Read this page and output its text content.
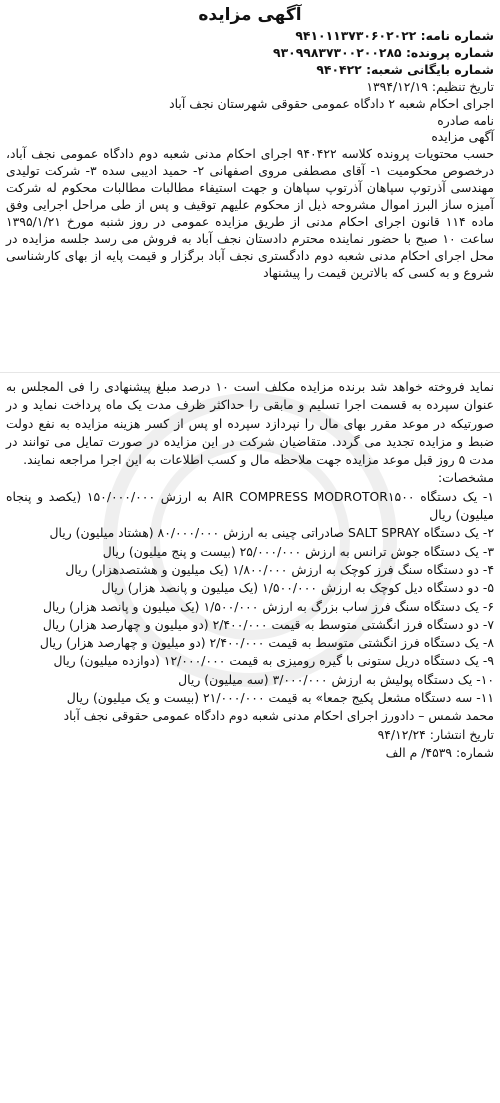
آگهی مزایده
شماره نامه: ۹۴۱۰۱۱۳۷۳۰۶۰۲۰۲۲
شماره پرونده: ۹۳۰۹۹۸۳۷۳۰۰۲۰۰۲۸۵
شماره بایگانی شعبه: ۹۴۰۴۲۲
تاریخ تنظیم: ۱۳۹۴/۱۲/۱۹
اجرای احکام شعبه ۲ دادگاه عمومی حقوقی شهرستان نجف آباد
نامه صادره
آگهی مزایده
حسب محتویات پرونده کلاسه ۹۴۰۴۲۲ اجرای احکام مدنی شعبه دوم دادگاه عمومی نجف آباد، درخصوص محکومیت ۱- آقای مصطفی مروی اصفهانی ۲- حمید ادیبی سده ۳- شرکت تولیدی مهندسی آذرتوپ سپاهان آذرتوپ سپاهان و جهت استیفاء مطالبات مطالبات محکوم له شرکت آمیزه ساز البرز اموال مشروحه ذیل از محکوم علیهم توقیف و پس از طی مراحل اجرایی وفق ماده ۱۱۴ قانون اجرای احکام مدنی از طریق مزایده عمومی در روز شنبه مورخ ۱۳۹۵/۱/۲۱ ساعت ۱۰ صبح با حضور نماینده محترم دادستان نجف آباد به فروش می رسد جلسه مزایده در محل اجرای احکام مدنی شعبه دوم دادگستری نجف آباد برگزار و قیمت پایه از بهای کارشناسی شروع و به کسی که بالاترین قیمت را پیشنهاد
نماید فروخته خواهد شد برنده مزایده مکلف است ۱۰ درصد مبلغ پیشنهادی را فی المجلس به عنوان سپرده به قسمت اجرا تسلیم و مابقی را حداکثر ظرف مدت یک ماه پرداخت نماید و در صورتیکه در موعد مقرر بهای مال را نپردازد سپرده او پس از کسر هزینه مزایده به نفع دولت ضبط و مزایده تجدید می گردد. متقاضیان شرکت در این مزایده در صورت تمایل می توانند در مدت ۵ روز قبل موعد مزایده جهت ملاحظه مال و کسب اطلاعات به این اجرا مراجعه نمایند.
مشخصات:

۱- یک دستگاه AIR COMPRESS MODROTOR۱۵۰۰ به ارزش ۱۵۰/۰۰۰/۰۰۰ (یکصد و پنجاه میلیون) ریال

۲- یک دستگاه SALT SPRAY صادراتی چینی به ارزش ۸۰/۰۰۰/۰۰۰ (هشتاد میلیون) ریال

۳- یک دستگاه جوش ترانس به ارزش ۲۵/۰۰۰/۰۰۰ (بیست و پنج میلیون) ریال

۴- دو دستگاه سنگ فرز کوچک به ارزش ۱/۸۰۰/۰۰۰ (یک میلیون و هشتصدهزار) ریال

۵- دو دستگاه دیل کوچک به ارزش ۱/۵۰۰/۰۰۰ (یک میلیون و پانصد هزار) ریال

۶- یک دستگاه سنگ فرز ساب بزرگ به ارزش ۱/۵۰۰/۰۰۰ (یک میلیون و پانصد هزار) ریال

۷- دو دستگاه فرز انگشتی متوسط به قیمت ۲/۴۰۰/۰۰۰ (دو میلیون و چهارصد هزار) ریال

۸- یک دستگاه فرز انگشتی متوسط به قیمت ۲/۴۰۰/۰۰۰ (دو میلیون و چهارصد هزار) ریال

۹- یک دستگاه دریل ستونی با گیره رومیزی به قیمت ۱۲/۰۰۰/۰۰۰ (دوازده میلیون) ریال

۱۰- یک دستگاه پولیش به ارزش ۳/۰۰۰/۰۰۰ (سه میلیون) ریال

۱۱- سه دستگاه مشعل پکیج جمعا» به قیمت ۲۱/۰۰۰/۰۰۰ (بیست و یک میلیون) ریال

محمد شمس – دادورز اجرای احکام مدنی شعبه دوم دادگاه عمومی حقوقی نجف آباد

تاریخ انتشار: ۹۴/۱۲/۲۴

شماره: ۴۵۳۹/ م الف
